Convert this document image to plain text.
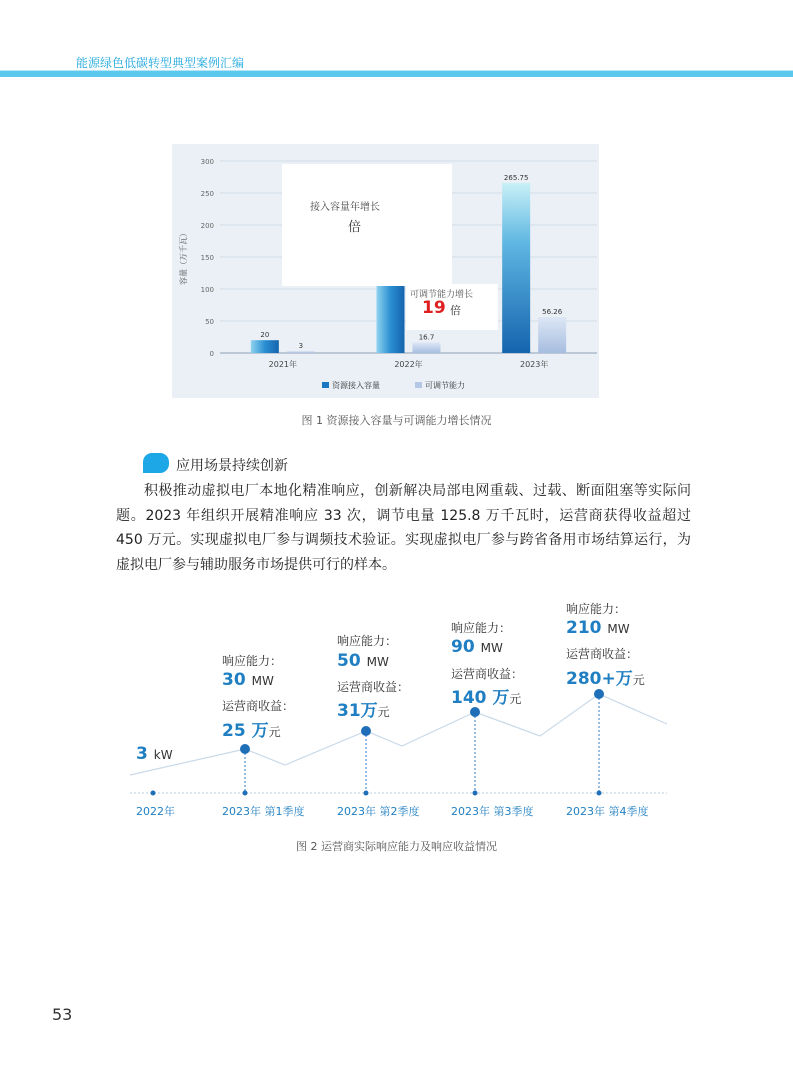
能源绿色低碳转型典型案例汇编
0
50
100
150
200
250
300
容量（万千瓦）
20
3
2021年
16.7
2022年
265.75
56.26
2023年
资源接入容量	可调节能力
接入容量年增长
倍
可调节能力增长
19 倍
图 1 资源接入容量与可调能力增长情况
应用场景持续创新
积极推动虚拟电厂本地化精准响应，创新解决局部电网重载、过载、断面阻塞等实际问题。2023 年组织开展精准响应 33 次，调节电量 125.8 万千瓦时，运营商获得收益超过 450 万元。实现虚拟电厂参与调频技术验证。实现虚拟电厂参与跨省备用市场结算运行，为虚拟电厂参与辅助服务市场提供可行的样本。
3 kW
响应能力：
30 MW
运营商收益：
25 万元
响应能力：
50 MW
运营商收益：
31万元
响应能力：
90 MW
运营商收益：
140 万元
响应能力：
210 MW
运营商收益：
280+万元
2022年	2023年 第1季度	2023年 第2季度	2023年 第3季度	2023年 第4季度
图 2 运营商实际响应能力及响应收益情况
53
